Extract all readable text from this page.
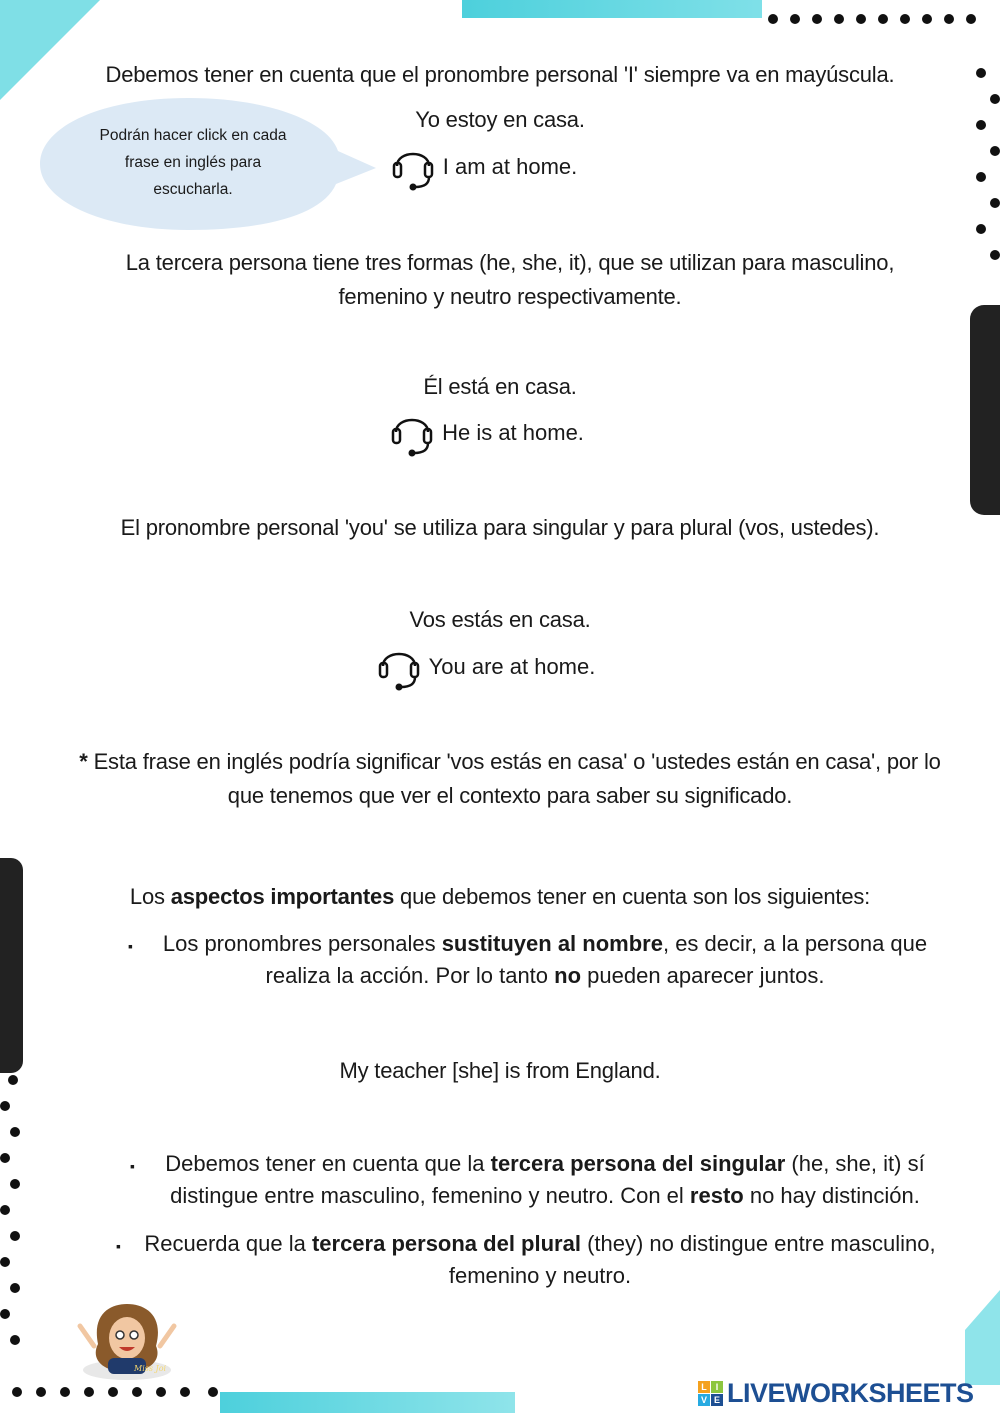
Debemos tener en cuenta que el pronombre personal 'I' siempre va en mayúscula.
Podrán hacer click en cada frase en inglés para escucharla.
Yo estoy en casa.
I am at home.
La tercera persona tiene tres formas (he, she, it), que se utilizan para masculino, femenino y neutro respectivamente.
Él está en casa.
He is at home.
El pronombre personal 'you' se utiliza para singular y para plural (vos, ustedes).
Vos estás en casa.
You are at home.
* Esta frase en inglés podría significar 'vos estás en casa' o 'ustedes están en casa', por lo que tenemos que ver el contexto para saber su significado.
Los aspectos importantes que debemos tener en cuenta son los siguientes:
▪	Los pronombres personales sustituyen al nombre, es decir, a la persona que realiza la acción. Por lo tanto no pueden aparecer juntos.
My teacher [she] is from England.
▪	Debemos tener en cuenta que la tercera persona del singular (he, she, it) sí distingue entre masculino, femenino y neutro. Con el resto no hay distinción.
▪ Recuerda que la tercera persona del plural (they) no distingue entre masculino, femenino y neutro.
Miss Joi
L I
V E LIVEWORKSHEETS
